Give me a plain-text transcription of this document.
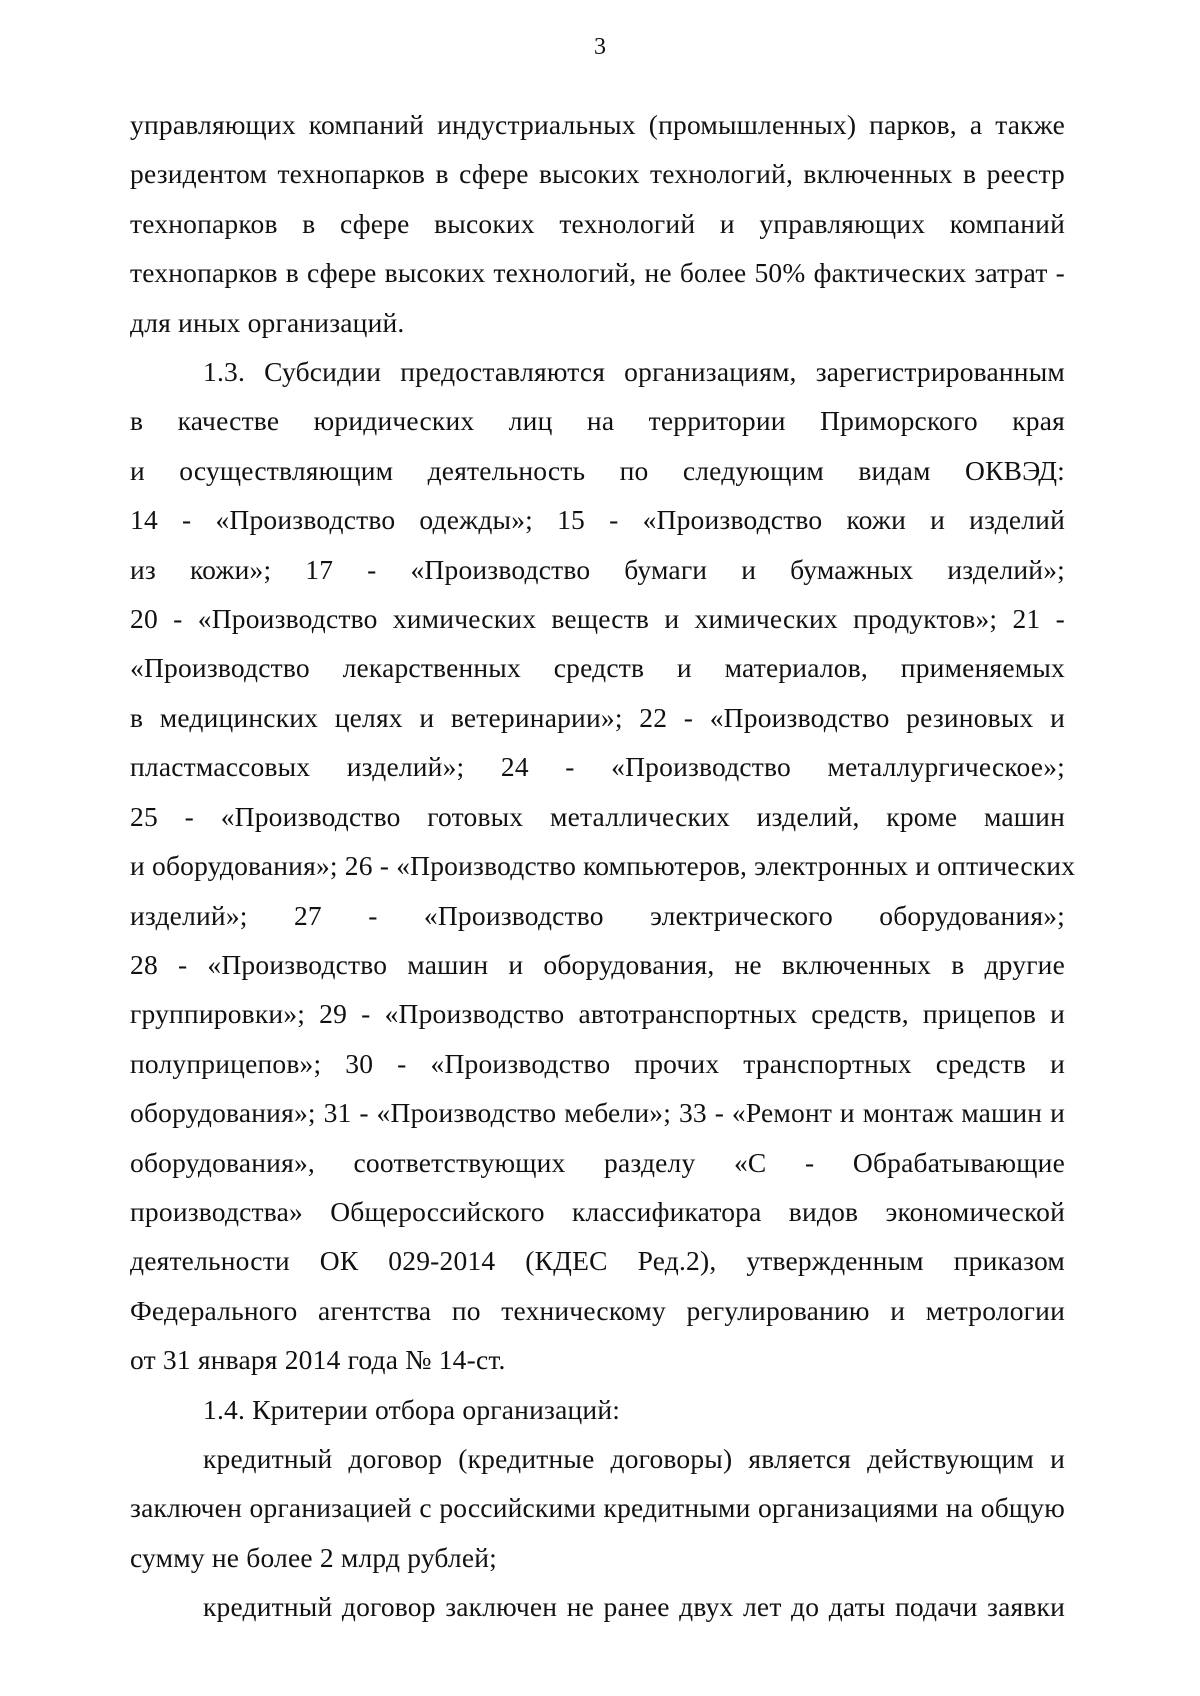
3
управляющих компаний индустриальных (промышленных) парков, а также
резидентом технопарков в сфере высоких технологий, включенных в реестр
технопарков в сфере высоких технологий и управляющих компаний
технопарков в сфере высоких технологий, не более 50% фактических затрат -
для иных организаций.
1.3. Субсидии предоставляются организациям, зарегистрированным
в качестве юридических лиц на территории Приморского края
и осуществляющим деятельность по следующим видам ОКВЭД:
14 - «Производство одежды»; 15 - «Производство кожи и изделий
из кожи»; 17 - «Производство бумаги и бумажных изделий»;
20 - «Производство химических веществ и химических продуктов»; 21 -
«Производство лекарственных средств и материалов, применяемых
в медицинских целях и ветеринарии»; 22 - «Производство резиновых и
пластмассовых изделий»; 24 - «Производство металлургическое»;
25 - «Производство готовых металлических изделий, кроме машин
и оборудования»; 26 - «Производство компьютеров, электронных и оптических
изделий»; 27 - «Производство электрического оборудования»;
28 - «Производство машин и оборудования, не включенных в другие
группировки»; 29 - «Производство автотранспортных средств, прицепов и
полуприцепов»; 30 - «Производство прочих транспортных средств и
оборудования»; 31 - «Производство мебели»; 33 - «Ремонт и монтаж машин и
оборудования», соответствующих разделу «С - Обрабатывающие
производства» Общероссийского классификатора видов экономической
деятельности ОК 029-2014 (КДЕС Ред.2), утвержденным приказом
Федерального агентства по техническому регулированию и метрологии
от 31 января 2014 года № 14-ст.
1.4. Критерии отбора организаций:
кредитный договор (кредитные договоры) является действующим и
заключен организацией с российскими кредитными организациями на общую
сумму не более 2 млрд рублей;
кредитный договор заключен не ранее двух лет до даты подачи заявки
